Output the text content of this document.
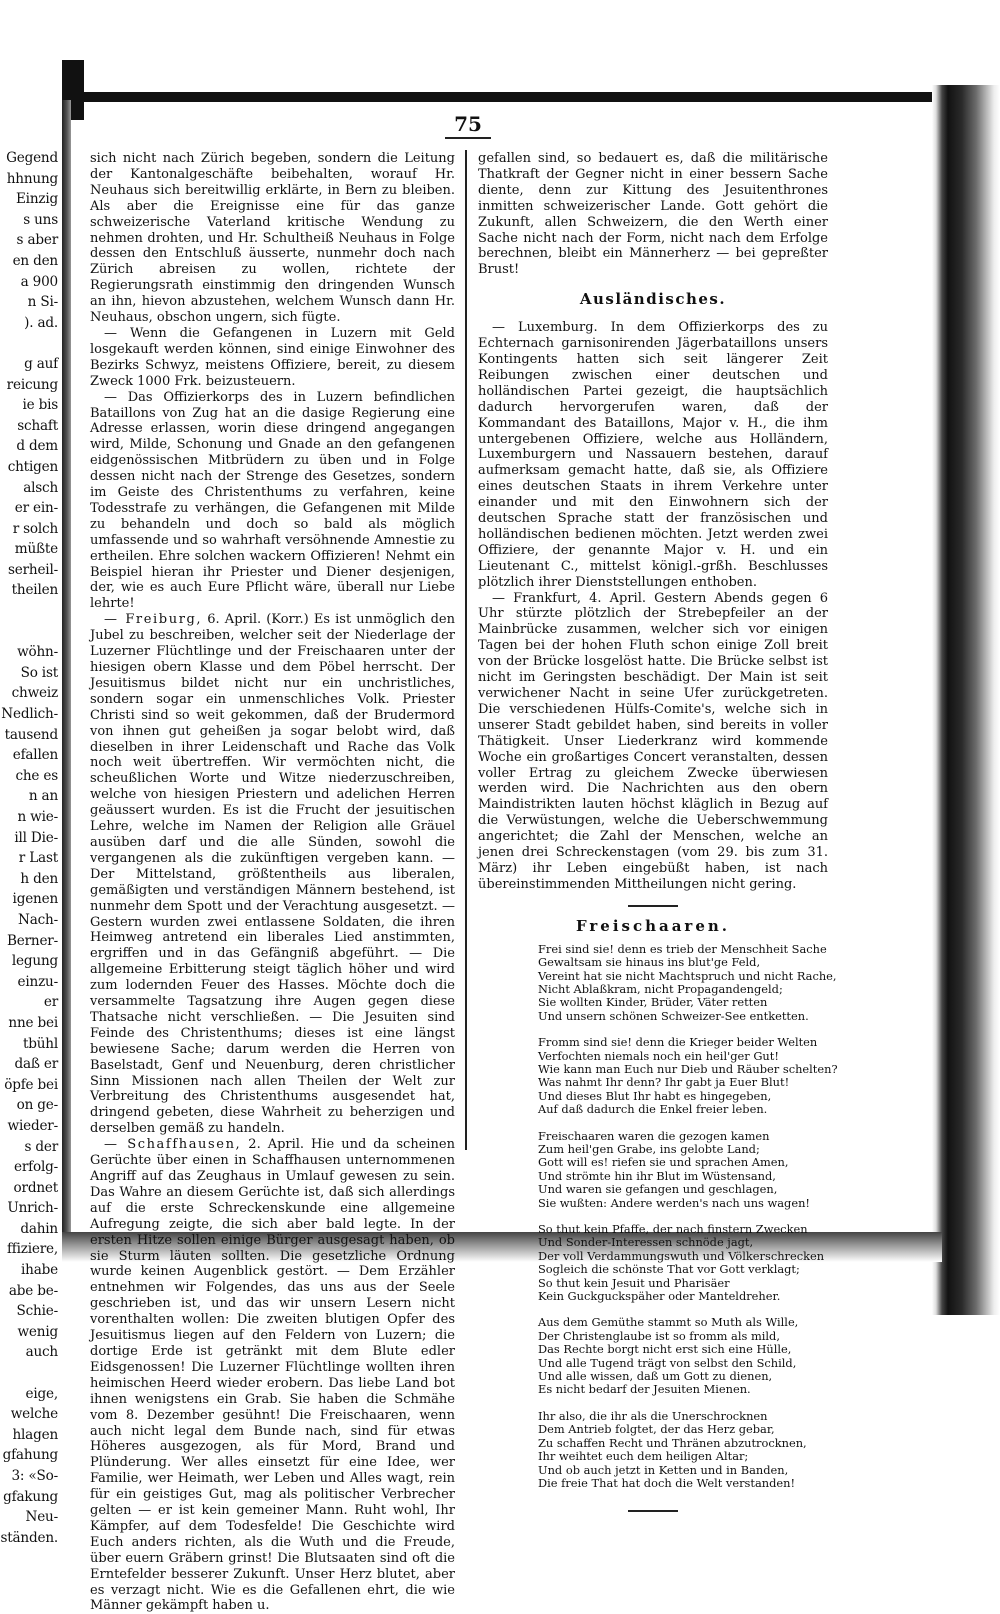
Gegend
hhnung
Einzig
s uns
s aber
en den
a 900
n Si-
). ad.

g auf
reicung
ie bis
schaft
d dem
chtigen
alsch
er ein-
r solch
müßte
serheil-
theilen

wöhn-
So ist
chweiz
Nedlich-
tausend
efallen
che es
n an
n wie-
ill Die-
r Last
h den
igenen
Nach-
Berner-
legung
einzu-
er
nne bei
tbühl
daß er
öpfe bei
on ge-
wieder-
s der
erfolg-
ordnet
Unrich-
dahin
ffiziere,
ihabe
abe be-
Schie-
wenig
auch

eige,
welche
hlagen
gfahung
3: «So-
gfakung
Neu-
ständen.
75

sich nicht nach Zürich begeben, sondern die Leitung der Kantonalgeschäfte beibehalten, worauf Hr. Neuhaus sich bereitwillig erklärte, in Bern zu bleiben. Als aber die Ereignisse eine für das ganze schweizerische Vaterland kritische Wendung zu nehmen drohten, und Hr. Schultheiß Neuhaus in Folge dessen den Entschluß äusserte, nunmehr doch nach Zürich abreisen zu wollen, richtete der Regierungsrath einstimmig den dringenden Wunsch an ihn, hievon abzustehen, welchem Wunsch dann Hr. Neuhaus, obschon ungern, sich fügte.

— Wenn die Gefangenen in Luzern mit Geld losgekauft werden können, sind einige Einwohner des Bezirks Schwyz, meistens Offiziere, bereit, zu diesem Zweck 1000 Frk. beizusteuern.

— Das Offizierkorps des in Luzern befindlichen Bataillons von Zug hat an die dasige Regierung eine Adresse erlassen, worin diese dringend angegangen wird, Milde, Schonung und Gnade an den gefangenen eidgenössischen Mitbrüdern zu üben und in Folge dessen nicht nach der Strenge des Gesetzes, sondern im Geiste des Christenthums zu verfahren, keine Todesstrafe zu verhängen, die Gefangenen mit Milde zu behandeln und doch so bald als möglich umfassende und so wahrhaft versöhnende Amnestie zu ertheilen. Ehre solchen wackern Offizieren! Nehmt ein Beispiel hieran ihr Priester und Diener desjenigen, der, wie es auch Eure Pflicht wäre, überall nur Liebe lehrte!

— Freiburg, 6. April. (Korr.) Es ist unmöglich den Jubel zu beschreiben, welcher seit der Niederlage der Luzerner Flüchtlinge und der Freischaaren unter der hiesigen obern Klasse und dem Pöbel herrscht. Der Jesuitismus bildet nicht nur ein unchristliches, sondern sogar ein unmenschliches Volk. Priester Christi sind so weit gekommen, daß der Brudermord von ihnen gut geheißen ja sogar belobt wird, daß dieselben in ihrer Leidenschaft und Rache das Volk noch weit übertreffen. Wir vermöchten nicht, die scheußlichen Worte und Witze niederzuschreiben, welche von hiesigen Priestern und adelichen Herren geäussert wurden. Es ist die Frucht der jesuitischen Lehre, welche im Namen der Religion alle Gräuel ausüben darf und die alle Sünden, sowohl die vergangenen als die zukünftigen vergeben kann. — Der Mittelstand, größtentheils aus liberalen, gemäßigten und verständigen Männern bestehend, ist nunmehr dem Spott und der Verachtung ausgesetzt. — Gestern wurden zwei entlassene Soldaten, die ihren Heimweg antretend ein liberales Lied anstimmten, ergriffen und in das Gefängniß abgeführt. — Die allgemeine Erbitterung steigt täglich höher und wird zum lodernden Feuer des Hasses. Möchte doch die versammelte Tagsatzung ihre Augen gegen diese Thatsache nicht verschließen. — Die Jesuiten sind Feinde des Christenthums; dieses ist eine längst bewiesene Sache; darum werden die Herren von Baselstadt, Genf und Neuenburg, deren christlicher Sinn Missionen nach allen Theilen der Welt zur Verbreitung des Christenthums ausgesendet hat, dringend gebeten, diese Wahrheit zu beherzigen und derselben gemäß zu handeln.

— Schaffhausen, 2. April. Hie und da scheinen Gerüchte über einen in Schaffhausen unternommenen Angriff auf das Zeughaus in Umlauf gewesen zu sein. Das Wahre an diesem Gerüchte ist, daß sich allerdings auf die erste Schreckenskunde eine allgemeine Aufregung zeigte, die sich aber bald legte. In der ersten Hitze sollen einige Bürger ausgesagt haben, ob sie Sturm läuten sollten. Die gesetzliche Ordnung wurde keinen Augenblick gestört. — Dem Erzähler entnehmen wir Folgendes, das uns aus der Seele geschrieben ist, und das wir unsern Lesern nicht vorenthalten wollen: Die zweiten blutigen Opfer des Jesuitismus liegen auf den Feldern von Luzern; die dortige Erde ist getränkt mit dem Blute edler Eidsgenossen! Die Luzerner Flüchtlinge wollten ihren heimischen Heerd wieder erobern. Das liebe Land bot ihnen wenigstens ein Grab. Sie haben die Schmähe vom 8. Dezember gesühnt! Die Freischaaren, wenn auch nicht legal dem Bunde nach, sind für etwas Höheres ausgezogen, als für Mord, Brand und Plünderung. Wer alles einsetzt für eine Idee, wer Familie, wer Heimath, wer Leben und Alles wagt, rein für ein geistiges Gut, mag als politischer Verbrecher gelten — er ist kein gemeiner Mann. Ruht wohl, Ihr Kämpfer, auf dem Todesfelde! Die Geschichte wird Euch anders richten, als die Wuth und die Freude, über euern Gräbern grinst! Die Blutsaaten sind oft die Erntefelder besserer Zukunft. Unser Herz blutet, aber es verzagt nicht. Wie es die Gefallenen ehrt, die wie Männer gekämpft haben u.

gefallen sind, so bedauert es, daß die militärische Thatkraft der Gegner nicht in einer bessern Sache diente, denn zur Kittung des Jesuitenthrones inmitten schweizerischer Lande. Gott gehört die Zukunft, allen Schweizern, die den Werth einer Sache nicht nach der Form, nicht nach dem Erfolge berechnen, bleibt ein Männerherz — bei gepreßter Brust!

Ausländisches.

— Luxemburg. In dem Offizierkorps des zu Echternach garnisonirenden Jägerbataillons unsers Kontingents hatten sich seit längerer Zeit Reibungen zwischen einer deutschen und holländischen Partei gezeigt, die hauptsächlich dadurch hervorgerufen waren, daß der Kommandant des Bataillons, Major v. H., die ihm untergebenen Offiziere, welche aus Holländern, Luxemburgern und Nassauern bestehen, darauf aufmerksam gemacht hatte, daß sie, als Offiziere eines deutschen Staats in ihrem Verkehre unter einander und mit den Einwohnern sich der deutschen Sprache statt der französischen und holländischen bedienen möchten. Jetzt werden zwei Offiziere, der genannte Major v. H. und ein Lieutenant C., mittelst königl.-grßh. Beschlusses plötzlich ihrer Dienststellungen enthoben.

— Frankfurt, 4. April. Gestern Abends gegen 6 Uhr stürzte plötzlich der Strebepfeiler an der Mainbrücke zusammen, welcher sich vor einigen Tagen bei der hohen Fluth schon einige Zoll breit von der Brücke losgelöst hatte. Die Brücke selbst ist nicht im Geringsten beschädigt. Der Main ist seit verwichener Nacht in seine Ufer zurückgetreten. Die verschiedenen Hülfs-Comite's, welche sich in unserer Stadt gebildet haben, sind bereits in voller Thätigkeit. Unser Liederkranz wird kommende Woche ein großartiges Concert veranstalten, dessen voller Ertrag zu gleichem Zwecke überwiesen werden wird. Die Nachrichten aus den obern Maindistrikten lauten höchst kläglich in Bezug auf die Verwüstungen, welche die Ueberschwemmung angerichtet; die Zahl der Menschen, welche an jenen drei Schreckenstagen (vom 29. bis zum 31. März) ihr Leben eingebüßt haben, ist nach übereinstimmenden Mittheilungen nicht gering.

Freischaaren.
Frei sind sie! denn es trieb der Menschheit Sache
Gewaltsam sie hinaus ins blut'ge Feld,
Vereint hat sie nicht Machtspruch und nicht Rache,
Nicht Ablaßkram, nicht Propagandengeld;
Sie wollten Kinder, Brüder, Väter retten
Und unsern schönen Schweizer-See entketten.
Fromm sind sie! denn die Krieger beider Welten
Verfochten niemals noch ein heil'ger Gut!
Wie kann man Euch nur Dieb und Räuber schelten?
Was nahmt Ihr denn? Ihr gabt ja Euer Blut!
Und dieses Blut Ihr habt es hingegeben,
Auf daß dadurch die Enkel freier leben.
Freischaaren waren die gezogen kamen
Zum heil'gen Grabe, ins gelobte Land;
Gott will es! riefen sie und sprachen Amen,
Und strömte hin ihr Blut im Wüstensand,
Und waren sie gefangen und geschlagen,
Sie wußten: Andere werden's nach uns wagen!
So thut kein Pfaffe, der nach finstern Zwecken
Und Sonder-Interessen schnöde jagt,
Der voll Verdammungswuth und Völkerschrecken
Sogleich die schönste That vor Gott verklagt;
So thut kein Jesuit und Pharisäer
Kein Guckguckspäher oder Manteldreher.
Aus dem Gemüthe stammt so Muth als Wille,
Der Christenglaube ist so fromm als mild,
Das Rechte borgt nicht erst sich eine Hülle,
Und alle Tugend trägt von selbst den Schild,
Und alle wissen, daß um Gott zu dienen,
Es nicht bedarf der Jesuiten Mienen.
Ihr also, die ihr als die Unerschrocknen
Dem Antrieb folgtet, der das Herz gebar,
Zu schaffen Recht und Thränen abzutrocknen,
Ihr weihtet euch dem heiligen Altar;
Und ob auch jetzt in Ketten und in Banden,
Die freie That hat doch die Welt verstanden!
